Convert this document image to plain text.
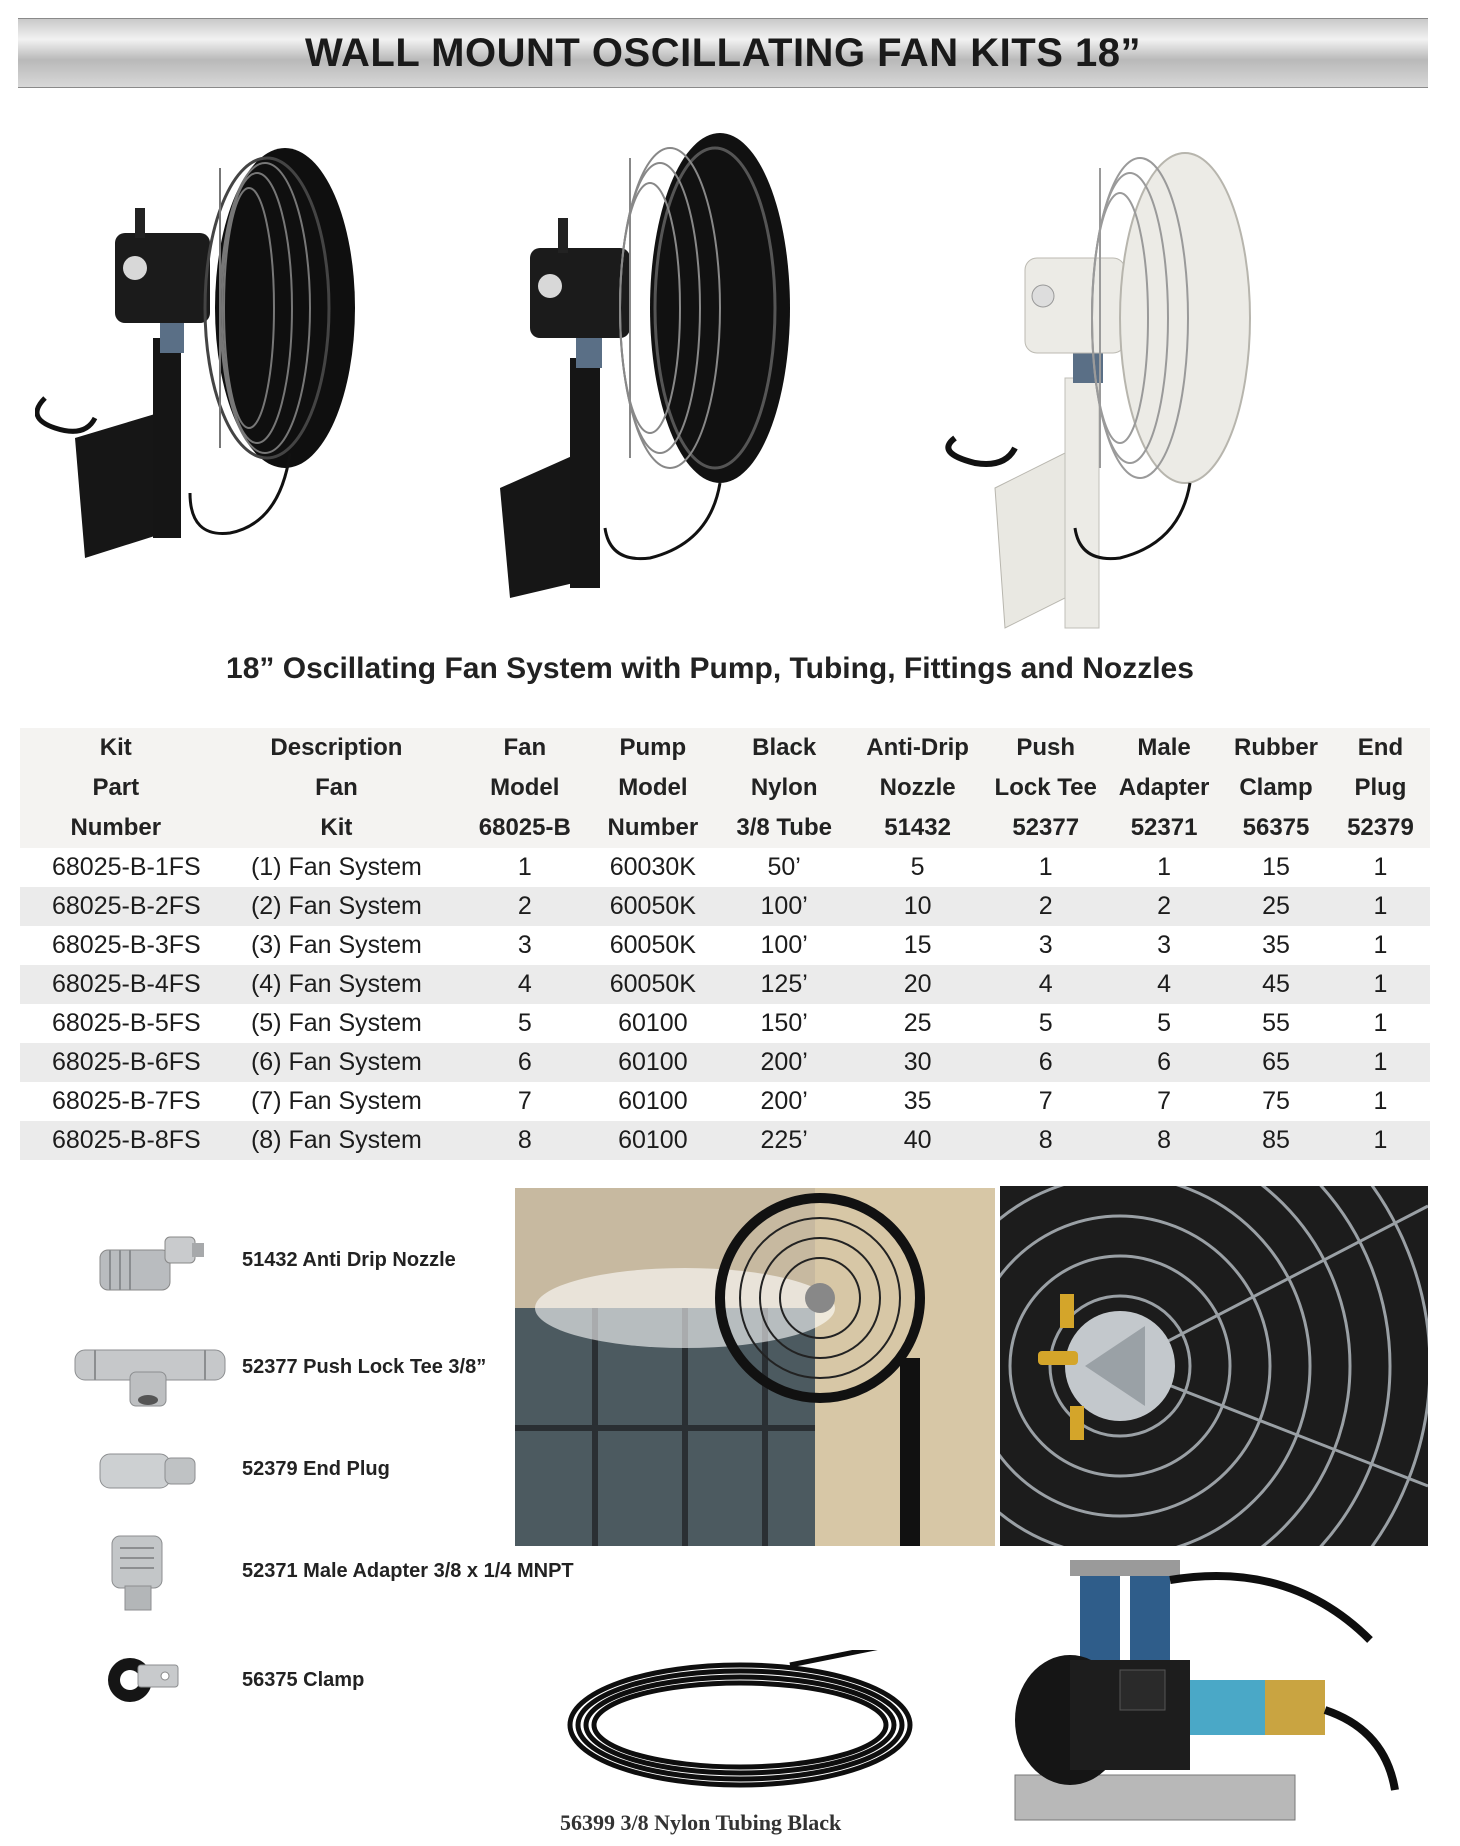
WALL MOUNT OSCILLATING FAN KITS 18”
18” Oscillating Fan System with Pump, Tubing, Fittings and Nozzles
Kit	Description	Fan	Pump	Black	Anti-Drip	Push	Male	Rubber	End
Part	Fan	Model	Model	Nylon	Nozzle	Lock Tee	Adapter	Clamp	Plug
Number	Kit	68025-B	Number	3/8 Tube	51432	52377	52371	56375	52379
68025-B-1FS	(1) Fan System	1	60030K	50’	5	1	1	15	1
68025-B-2FS	(2) Fan System	2	60050K	100’	10	2	2	25	1
68025-B-3FS	(3) Fan System	3	60050K	100’	15	3	3	35	1
68025-B-4FS	(4) Fan System	4	60050K	125’	20	4	4	45	1
68025-B-5FS	(5) Fan System	5	60100	150’	25	5	5	55	1
68025-B-6FS	(6) Fan System	6	60100	200’	30	6	6	65	1
68025-B-7FS	(7) Fan System	7	60100	200’	35	7	7	75	1
68025-B-8FS	(8) Fan System	8	60100	225’	40	8	8	85	1
51432 Anti Drip Nozzle
52377 Push Lock Tee 3/8”
52379 End Plug
52371 Male Adapter 3/8 x 1/4 MNPT
56375 Clamp
56399 3/8 Nylon Tubing Black
